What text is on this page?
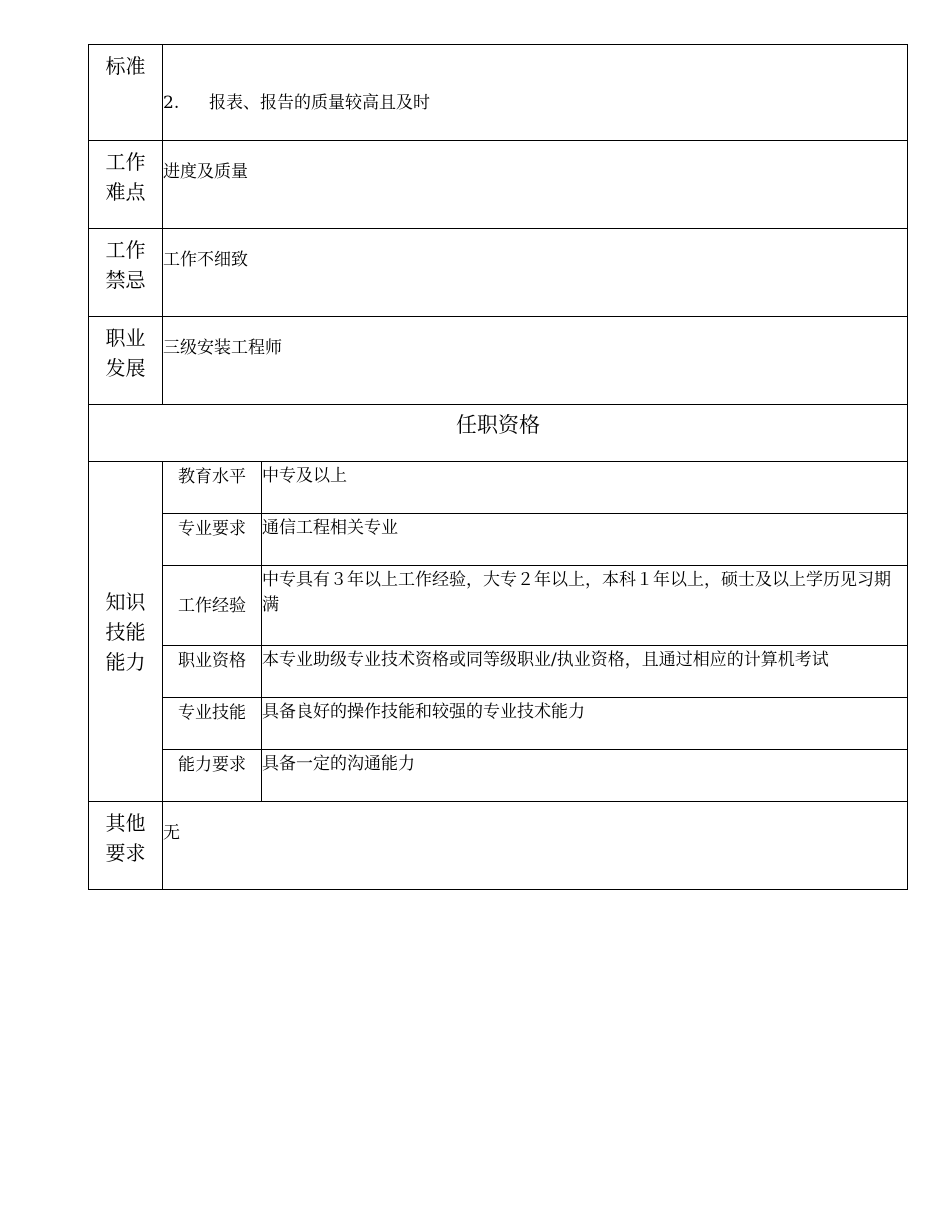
标准	2. 报表、报告的质量较高且及时	

工作
难点	进度及质量	

工作
禁忌	工作不细致	

职业
发展	三级安装工程师	
任职资格		

知识
技能
能力	教育水平	中专及以上
	专业要求	通信工程相关专业
	工作经验	中专具有３年以上工作经验，大专２年以上，本科１年以上，硕士及以上学历见习期满
	职业资格	本专业助级专业技术资格或同等级职业/执业资格，且通过相应的计算机考试
	专业技能	具备良好的操作技能和较强的专业技术能力
	能力要求	具备一定的沟通能力

其他
要求	无	
